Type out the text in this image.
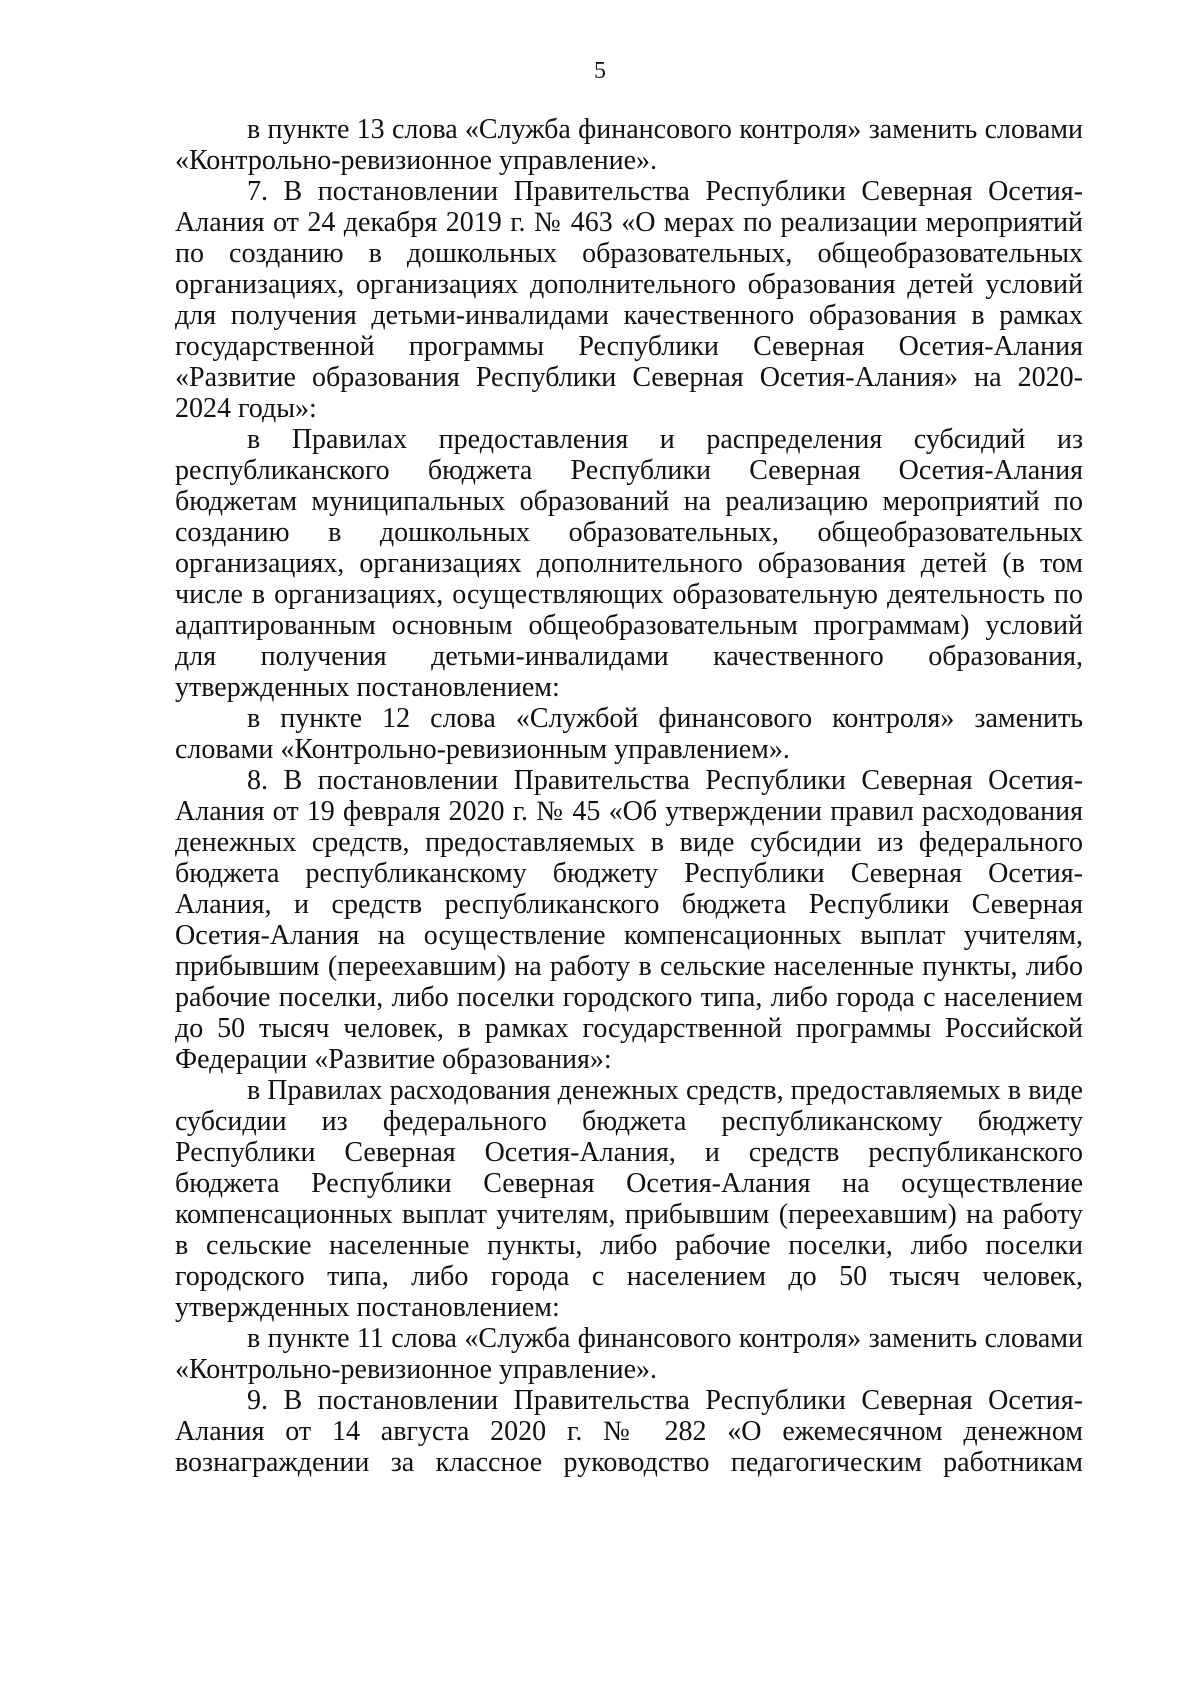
5

в пункте 13 слова «Служба финансового контроля» заменить словами «Контрольно-ревизионное управление».

7. В постановлении Правительства Республики Северная Осетия-Алания от 24 декабря 2019 г. № 463 «О мерах по реализации мероприятий по созданию в дошкольных образовательных, общеобразовательных организациях, организациях дополнительного образования детей условий для получения детьми-инвалидами качественного образования в рамках государственной программы Республики Северная Осетия-Алания «Развитие образования Республики Северная Осетия-Алания» на 2020-2024 годы»:

в Правилах предоставления и распределения субсидий из республиканского бюджета Республики Северная Осетия-Алания бюджетам муниципальных образований на реализацию мероприятий по созданию в дошкольных образовательных, общеобразовательных организациях, организациях дополнительного образования детей (в том числе в организациях, осуществляющих образовательную деятельность по адаптированным основным общеобразовательным программам) условий для получения детьми-инвалидами качественного образования, утвержденных постановлением:

в пункте 12 слова «Службой финансового контроля» заменить словами «Контрольно-ревизионным управлением».

8. В постановлении Правительства Республики Северная Осетия-Алания от 19 февраля 2020 г. № 45 «Об утверждении правил расходования денежных средств, предоставляемых в виде субсидии из федерального бюджета республиканскому бюджету Республики Северная Осетия-Алания, и средств республиканского бюджета Республики Северная Осетия-Алания на осуществление компенсационных выплат учителям, прибывшим (переехавшим) на работу в сельские населенные пункты, либо рабочие поселки, либо поселки городского типа, либо города с населением до 50 тысяч человек, в рамках государственной программы Российской Федерации «Развитие образования»:

в Правилах расходования денежных средств, предоставляемых в виде субсидии из федерального бюджета республиканскому бюджету Республики Северная Осетия-Алания, и средств республиканского бюджета Республики Северная Осетия-Алания на осуществление компенсационных выплат учителям, прибывшим (переехавшим) на работу в сельские населенные пункты, либо рабочие поселки, либо поселки городского типа, либо города с населением до 50 тысяч человек, утвержденных постановлением:

в пункте 11 слова «Служба финансового контроля» заменить словами «Контрольно-ревизионное управление».

9. В постановлении Правительства Республики Северная Осетия-Алания от 14 августа 2020 г. № 282 «О ежемесячном денежном вознаграждении за классное руководство педагогическим работникам
